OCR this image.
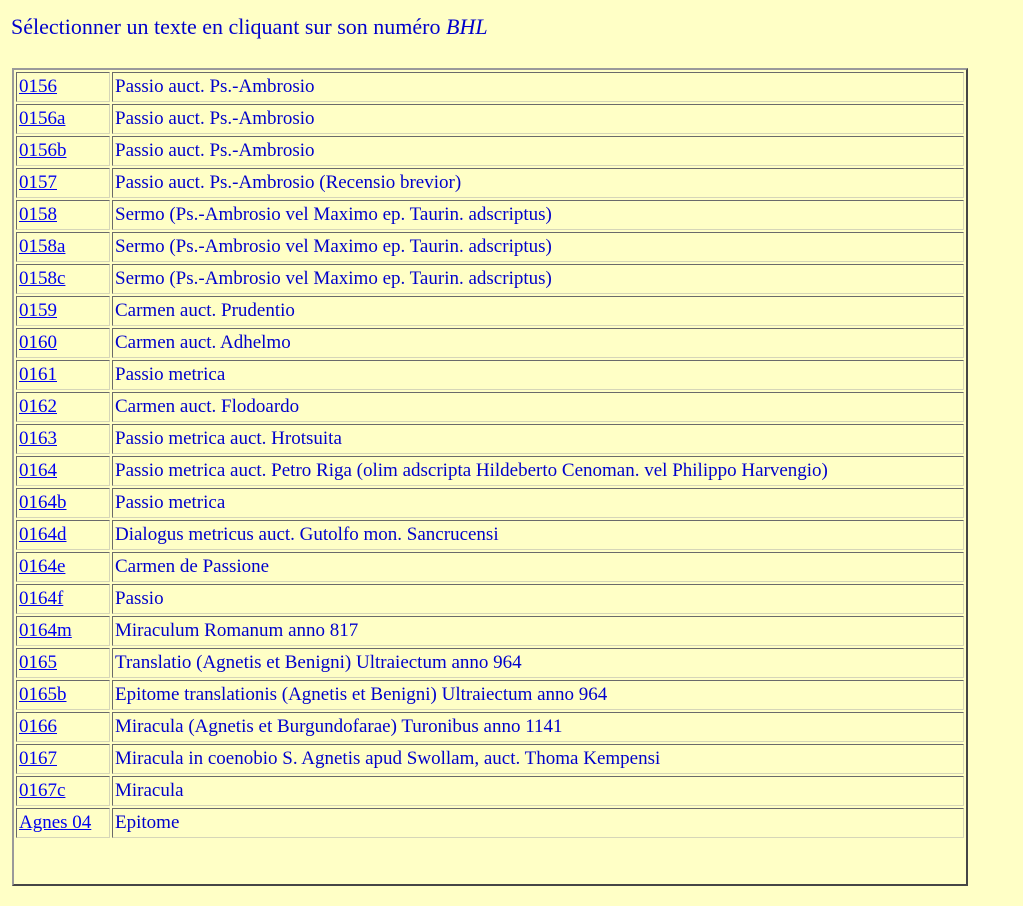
Sélectionner un texte en cliquant sur son numéro BHL
0156	Passio auct. Ps.-Ambrosio
0156a	Passio auct. Ps.-Ambrosio
0156b	Passio auct. Ps.-Ambrosio
0157	Passio auct. Ps.-Ambrosio (Recensio brevior)
0158	Sermo (Ps.-Ambrosio vel Maximo ep. Taurin. adscriptus)
0158a	Sermo (Ps.-Ambrosio vel Maximo ep. Taurin. adscriptus)
0158c	Sermo (Ps.-Ambrosio vel Maximo ep. Taurin. adscriptus)
0159	Carmen auct. Prudentio
0160	Carmen auct. Adhelmo
0161	Passio metrica
0162	Carmen auct. Flodoardo
0163	Passio metrica auct. Hrotsuita
0164	Passio metrica auct. Petro Riga (olim adscripta Hildeberto Cenoman. vel Philippo Harvengio)
0164b	Passio metrica
0164d	Dialogus metricus auct. Gutolfo mon. Sancrucensi
0164e	Carmen de Passione
0164f	Passio
0164m	Miraculum Romanum anno 817
0165	Translatio (Agnetis et Benigni) Ultraiectum anno 964
0165b	Epitome translationis (Agnetis et Benigni) Ultraiectum anno 964
0166	Miracula (Agnetis et Burgundofarae) Turonibus anno 1141
0167	Miracula in coenobio S. Agnetis apud Swollam, auct. Thoma Kempensi
0167c	Miracula
Agnes 04	Epitome
